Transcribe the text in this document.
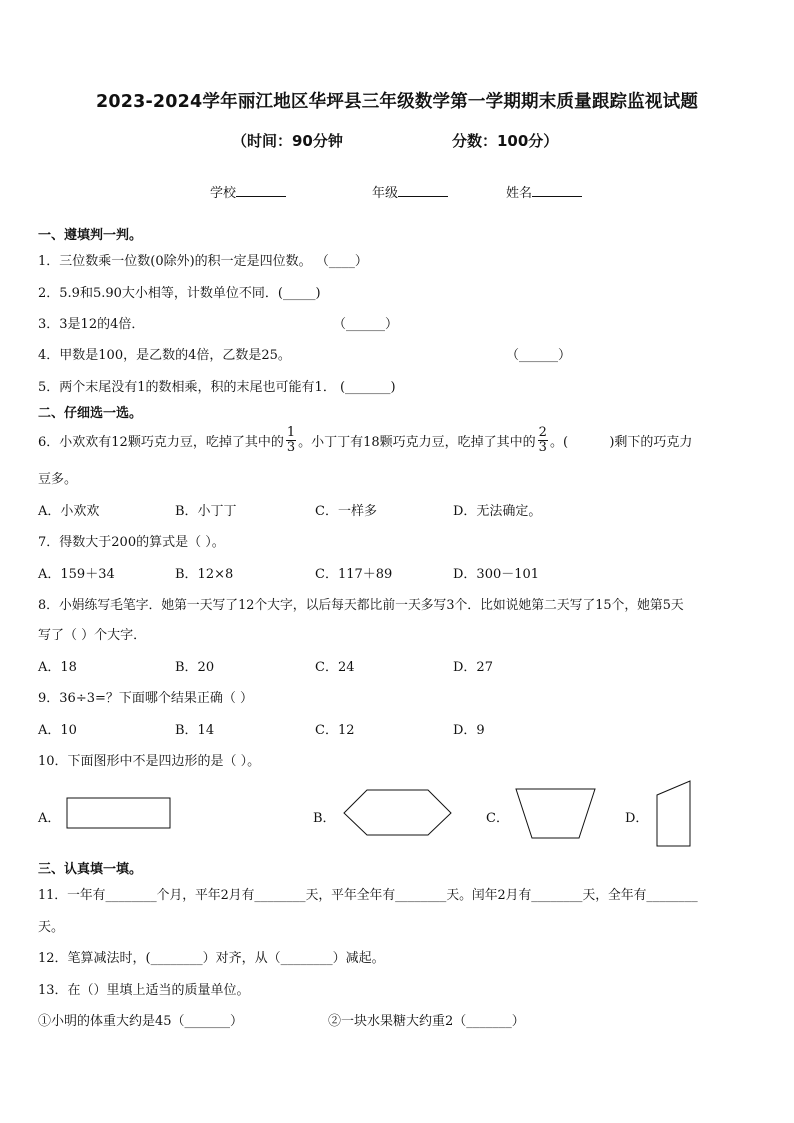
2023-2024学年丽江地区华坪县三年级数学第一学期期末质量跟踪监视试题
（时间：90分钟	分数：100分）
学校	年级	姓名
一、遵填判一判。
1．三位数乘一位数(0除外)的积一定是四位数。 （____）
2．5.9和5.90大小相等，计数单位不同．(_____)
3．3是12的4倍．	（______）
4．甲数是100，是乙数的4倍，乙数是25。	（______）
5．两个末尾没有1的数相乘，积的末尾也可能有1． (_______)
二、仔细选一选。
6．小欢欢有12颗巧克力豆，吃掉了其中的 $\frac{1}{3}$ 。小丁丁有18颗巧克力豆，吃掉了其中的 $\frac{2}{3}$ 。(          )剩下的巧克力
豆多。
A．小欢欢	B．小丁丁	C．一样多	D．无法确定。
7．得数大于200的算式是（ ）。
A．159＋34	B．12×8	C．117＋89	D．300－101
8．小娟练写毛笔字．她第一天写了12个大字，以后每天都比前一天多写3个．比如说她第二天写了15个，她第5天
写了（ ）个大字．
A．18	B．20	C．24	D．27
9．36÷3=？下面哪个结果正确（ ）
A．10	B．14	C．12	D．9
10．下面图形中不是四边形的是（ ）。
A．	B．	C．	D．
三、认真填一填。
11．一年有________个月，平年2月有________天，平年全年有________天。闰年2月有________天，全年有________
天。
12．笔算减法时，(________）对齐，从（________）减起。
13．在（）里填上适当的质量单位。
①小明的体重大约是45（_______）	②一块水果糖大约重2（_______）
